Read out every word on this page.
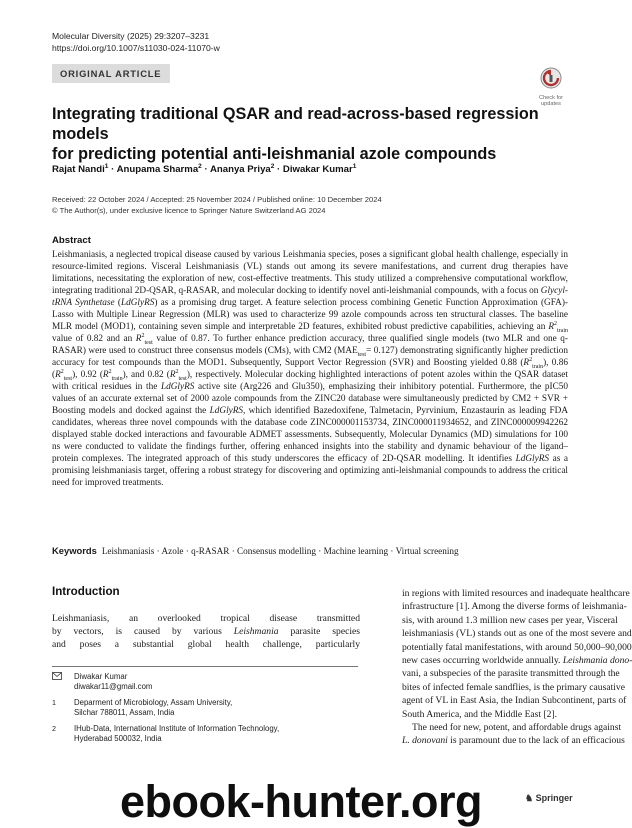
Molecular Diversity (2025) 29:3207–3231
https://doi.org/10.1007/s11030-024-11070-w
ORIGINAL ARTICLE
Check for updates
Integrating traditional QSAR and read-across-based regression models
for predicting potential anti-leishmanial azole compounds
Rajat Nandi$^1$ · Anupama Sharma$^2$ · Ananya Priya$^2$ · Diwakar Kumar$^1$
Received: 22 October 2024 / Accepted: 25 November 2024 / Published online: 10 December 2024
© The Author(s), under exclusive licence to Springer Nature Switzerland AG 2024
Abstract
Leishmaniasis, a neglected tropical disease caused by various Leishmania species, poses a significant global health challenge, especially in resource-limited regions. Visceral Leishmaniasis (VL) stands out among its severe manifestations, and current drug therapies have limitations, necessitating the exploration of new, cost-effective treatments. This study utilized a comprehensive computational workflow, integrating traditional 2D-QSAR, q-RASAR, and molecular docking to identify novel anti-leishmanial compounds, with a focus on Glycyl-tRNA Synthetase (LdGlyRS) as a promising drug target. A feature selection process combining Genetic Function Approximation (GFA)-Lasso with Multiple Linear Regression (MLR) was used to characterize 99 azole compounds across ten structural classes. The baseline MLR model (MOD1), containing seven simple and interpretable 2D features, exhibited robust predictive capabilities, achieving an $R^2_{train}$ value of 0.82 and an $R^2_{test}$ value of 0.87. To further enhance prediction accuracy, three qualified single models (two MLR and one q-RASAR) were used to construct three consensus models (CMs), with CM2 $(MAE_{test}= 0.127)$ demonstrating significantly higher prediction accuracy for test compounds than the MOD1. Subsequently, Support Vector Regression (SVR) and Boosting yielded 0.88 $(R^2_{train})$, 0.86 $(R^2_{test})$, 0.92 $(R^2_{train})$, and 0.82 $(R^2_{test})$, respectively. Molecular docking highlighted interactions of potent azoles within the QSAR dataset with critical residues in the LdGlyRS active site (Arg226 and Glu350), emphasizing their inhibitory potential. Furthermore, the pIC50 values of an accurate external set of 2000 azole compounds from the ZINC20 database were simultaneously predicted by CM2 + SVR + Boosting models and docked against the LdGlyRS, which identified Bazedoxifene, Talmetacin, Pyrvinium, Enzastaurin as leading FDA candidates, whereas three novel compounds with the database code ZINC000001153734, ZINC000011934652, and ZINC000009942262 displayed stable docked interactions and favourable ADMET assessments. Subsequently, Molecular Dynamics (MD) simulations for 100 ns were conducted to validate the findings further, offering enhanced insights into the stability and dynamic behaviour of the ligand–protein complexes. The integrated approach of this study underscores the efficacy of 2D-QSAR modelling. It identifies LdGlyRS as a promising leishmaniasis target, offering a robust strategy for discovering and optimizing anti-leishmanial compounds to address the critical need for improved treatments.
Keywords Leishmaniasis · Azole · q-RASAR · Consensus modelling · Machine learning · Virtual screening
Introduction
Leishmaniasis, an overlooked tropical disease transmitted
by vectors, is caused by various Leishmania parasite species
and poses a substantial global health challenge, particularly
Diwakar Kumar
diwakar11@gmail.com
1 Deparment of Microbiology, Assam University,
Silchar 788011, Assam, India
2 IHub-Data, International Institute of Information Technology,
Hyderabad 500032, India
in regions with limited resources and inadequate healthcare
infrastructure [1]. Among the diverse forms of leishmania-
sis, with around 1.3 million new cases per year, Visceral
leishmaniasis (VL) stands out as one of the most severe and
potentially fatal manifestations, with around 50,000–90,000
new cases occurring worldwide annually. Leishmania dono-
vani, a subspecies of the parasite transmitted through the
bites of infected female sandflies, is the primary causative
agent of VL in East Asia, the Indian Subcontinent, parts of
South America, and the Middle East [2].
The need for new, potent, and affordable drugs against
L. donovani is paramount due to the lack of an efficacious
♞ Springer
ebook-hunter.org
